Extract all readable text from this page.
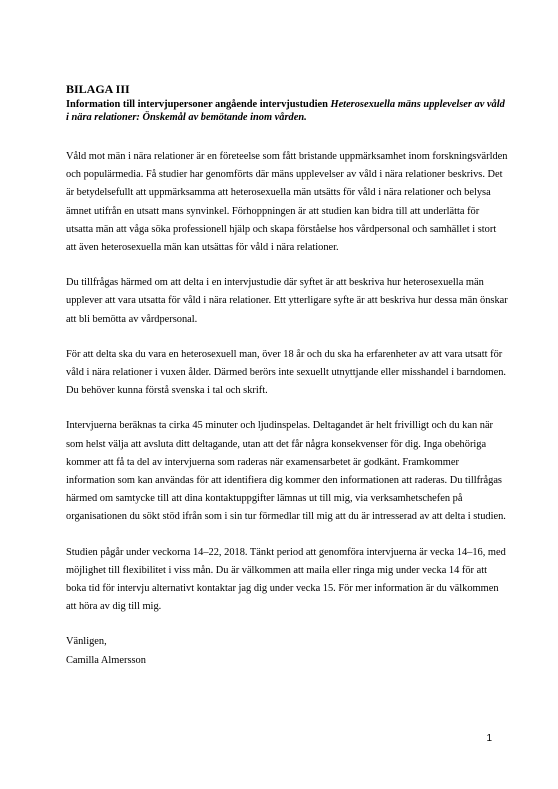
BILAGA III
Information till intervjupersoner angående intervjustudien Heterosexuella mäns upplevelser av våld i nära relationer: Önskemål av bemötande inom vården.

Våld mot män i nära relationer är en företeelse som fått bristande uppmärksamhet inom forskningsvärlden och populärmedia. Få studier har genomförts där mäns upplevelser av våld i nära relationer beskrivs. Det är betydelsefullt att uppmärksamma att heterosexuella män utsätts för våld i nära relationer och belysa ämnet utifrån en utsatt mans synvinkel. Förhoppningen är att studien kan bidra till att underlätta för utsatta män att våga söka professionell hjälp och skapa förståelse hos vårdpersonal och samhället i stort att även heterosexuella män kan utsättas för våld i nära relationer.

Du tillfrågas härmed om att delta i en intervjustudie där syftet är att beskriva hur heterosexuella män upplever att vara utsatta för våld i nära relationer. Ett ytterligare syfte är att beskriva hur dessa män önskar att bli bemötta av vårdpersonal.

För att delta ska du vara en heterosexuell man, över 18 år och du ska ha erfarenheter av att vara utsatt för våld i nära relationer i vuxen ålder. Därmed berörs inte sexuellt utnyttjande eller misshandel i barndomen. Du behöver kunna förstå svenska i tal och skrift.

Intervjuerna beräknas ta cirka 45 minuter och ljudinspelas. Deltagandet är helt frivilligt och du kan när som helst välja att avsluta ditt deltagande, utan att det får några konsekvenser för dig. Inga obehöriga kommer att få ta del av intervjuerna som raderas när examensarbetet är godkänt. Framkommer information som kan användas för att identifiera dig kommer den informationen att raderas. Du tillfrågas härmed om samtycke till att dina kontaktuppgifter lämnas ut till mig, via verksamhetschefen på organisationen du sökt stöd ifrån som i sin tur förmedlar till mig att du är intresserad av att delta i studien.

Studien pågår under veckorna 14–22, 2018. Tänkt period att genomföra intervjuerna är vecka 14–16, med möjlighet till flexibilitet i viss mån. Du är välkommen att maila eller ringa mig under vecka 14 för att boka tid för intervju alternativt kontaktar jag dig under vecka 15. För mer information är du välkommen att höra av dig till mig.

Vänligen,
Camilla Almersson
1
